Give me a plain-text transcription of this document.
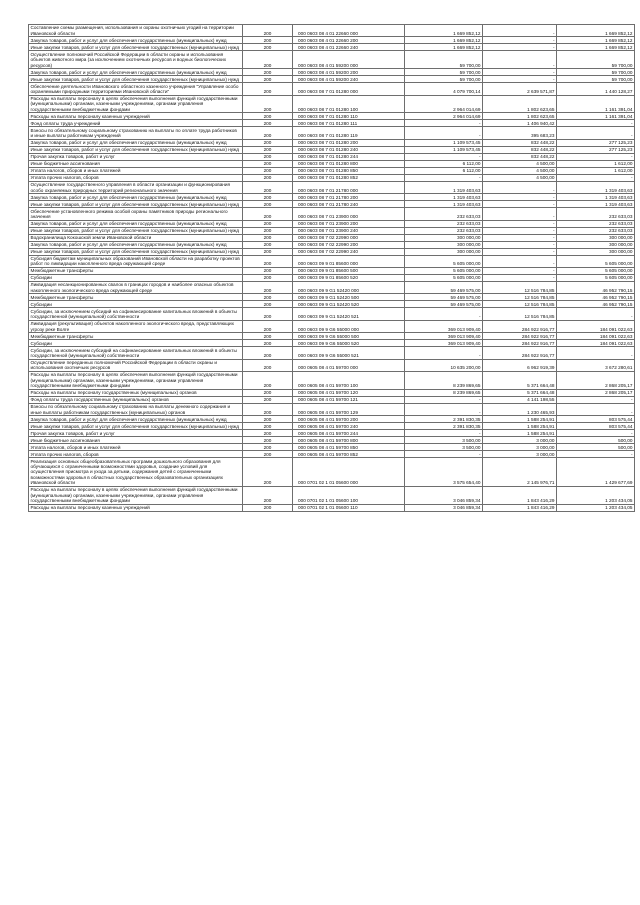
Составление схемы размещения, использования и охраны охотничьих угодий на территории Ивановской области	200	000 0603 08 4 01 22660 000	1 669 852,12	-	1 669 852,12
Закупка товаров, работ и услуг для обеспечения государственных (муниципальных) нужд	200	000 0603 08 4 01 22660 200	1 669 852,12	-	1 669 852,12
Иные закупки товаров, работ и услуг для обеспечения государственных (муниципальных) нужд	200	000 0603 08 4 01 22660 240	1 669 852,12	-	1 669 852,12
Осуществление полномочий Российской Федерации в области охраны и использования объектов животного мира (за исключением охотничьих ресурсов и водных биологических ресурсов)	200	000 0603 08 4 01 59200 000	59 700,00	-	59 700,00
Закупка товаров, работ и услуг для обеспечения государственных (муниципальных) нужд	200	000 0603 08 4 01 59200 200	59 700,00	-	59 700,00
Иные закупки товаров, работ и услуг для обеспечения государственных (муниципальных) нужд	200	000 0603 08 4 01 59200 240	59 700,00	-	59 700,00
Обеспечение деятельности Ивановского областного казенного учреждения "Управление особо охраняемыми природными территориями Ивановской области"	200	000 0603 08 7 01 01280 000	4 079 700,14	2 639 571,87	1 440 128,27
Расходы на выплаты персоналу в целях обеспечения выполнения функций государственными (муниципальными) органами, казенными учреждениями, органами управления государственными внебюджетными фондами	200	000 0603 08 7 01 01280 100	2 964 014,69	1 802 623,65	1 161 391,04
Расходы на выплаты персоналу казенных учреждений	200	000 0603 08 7 01 01280 110	2 964 014,69	1 802 623,65	1 161 391,04
Фонд оплаты труда учреждений	200	000 0603 08 7 01 01280 111	-	1 406 940,42	-
Взносы по обязательному социальному страхованию на выплаты по оплате труда работников и иные выплаты работникам учреждений	200	000 0603 08 7 01 01280 119	-	395 683,23	-
Закупка товаров, работ и услуг для обеспечения государственных (муниципальных) нужд	200	000 0603 08 7 01 01280 200	1 109 573,45	832 448,22	277 125,23
Иные закупки товаров, работ и услуг для обеспечения государственных (муниципальных) нужд	200	000 0603 08 7 01 01280 240	1 109 573,45	832 448,22	277 125,23
Прочая закупка товаров, работ и услуг	200	000 0603 08 7 01 01280 244	-	832 448,22	-
Иные бюджетные ассигнования	200	000 0603 08 7 01 01280 800	6 112,00	4 500,00	1 612,00
Уплата налогов, сборов и иных платежей	200	000 0603 08 7 01 01280 850	6 112,00	4 500,00	1 612,00
Уплата прочих налогов, сборов	200	000 0603 08 7 01 01280 852	-	4 500,00	-
Осуществление государственного управления в области организации и функционирования особо охраняемых природных территорий регионального значения	200	000 0603 08 7 01 21780 000	1 319 403,63	-	1 319 403,63
Закупка товаров, работ и услуг для обеспечения государственных (муниципальных) нужд	200	000 0603 08 7 01 21780 200	1 319 403,63	-	1 319 403,63
Иные закупки товаров, работ и услуг для обеспечения государственных (муниципальных) нужд	200	000 0603 08 7 01 21780 240	1 319 403,63	-	1 319 403,63
Обеспечение установленного режима особой охраны памятников природы регионального значения	200	000 0603 08 7 01 23900 000	232 633,03	-	232 633,03
Закупка товаров, работ и услуг для обеспечения государственных (муниципальных) нужд	200	000 0603 08 7 01 23900 200	232 633,03	-	232 633,03
Иные закупки товаров, работ и услуг для обеспечения государственных (муниципальных) нужд	200	000 0603 08 7 01 23900 240	232 633,03	-	232 633,03
Водохранилища Кокошской земли Ивановской области	200	000 0603 08 7 02 22990 000	300 000,00	-	300 000,00
Закупка товаров, работ и услуг для обеспечения государственных (муниципальных) нужд	200	000 0603 08 7 02 22990 200	300 000,00	-	300 000,00
Иные закупки товаров, работ и услуг для обеспечения государственных (муниципальных) нужд	200	000 0603 08 7 02 22990 240	300 000,00	-	300 000,00
Субсидия бюджетам муниципальных образований Ивановской области на разработку проектов работ по ликвидации накопленного вреда окружающей среде	200	000 0603 09 9 01 85600 000	5 605 000,00	-	5 605 000,00
Межбюджетные трансферты	200	000 0603 09 9 01 85600 500	5 605 000,00	-	5 605 000,00
Субсидии	200	000 0603 09 9 01 85600 520	5 605 000,00	-	5 605 000,00
Ликвидация несанкционированных свалок в границах городов и наиболее опасных объектов накопленного экологического вреда окружающей среде	200	000 0603 09 9 G1 52420 000	59 469 575,00	12 516 784,85	46 952 790,15
Межбюджетные трансферты	200	000 0603 09 9 G1 52420 500	59 469 575,00	12 516 784,85	46 952 790,15
Субсидии	200	000 0603 09 9 G1 52420 520	59 469 575,00	12 516 784,85	46 952 790,15
Субсидии, за исключением субсидий на софинансирование капитальных вложений в объекты государственной (муниципальной) собственности	200	000 0603 09 9 G1 52420 521	-	12 516 784,85	-
Ликвидация (рекультивация) объектов накопленного экологического вреда, представляющих угрозу реке Волге	200	000 0603 09 9 G6 55000 000	369 013 909,40	284 922 916,77	184 091 022,63
Межбюджетные трансферты	200	000 0603 09 9 G6 55000 500	369 013 909,40	284 922 916,77	184 091 022,63
Субсидии	200	000 0603 09 9 G6 55000 520	369 013 909,40	284 922 916,77	184 091 022,63
Субсидии, за исключением субсидий на софинансирование капитальных вложений в объекты государственной (муниципальной) собственности	200	000 0603 09 9 G6 55000 521	-	284 922 916,77	-
Осуществление переданных полномочий Российской Федерации в области охраны и использования охотничьих ресурсов	200	000 0605 08 4 01 59700 000	10 635 200,00	6 962 919,39	3 672 280,61
Расходы на выплаты персоналу в целях обеспечения выполнения функций государственными (муниципальными) органами, казенными учреждениями, органами управления государственными внебюджетными фондами	200	000 0605 08 4 01 59700 100	8 239 869,65	5 371 664,48	2 868 205,17
Расходы на выплаты персоналу государственных (муниципальных) органов	200	000 0605 08 4 01 59700 120	8 239 869,65	5 371 664,48	2 868 205,17
Фонд оплаты труда государственных (муниципальных) органов	200	000 0605 08 4 01 59700 121	-	4 141 198,55	-
Взносы по обязательному социальному страхованию на выплаты денежного содержания и иные выплаты работникам государственных (муниципальных) органов	200	000 0605 08 4 01 59700 129	-	1 230 465,93	-
Закупка товаров, работ и услуг для обеспечения государственных (муниципальных) нужд	200	000 0605 08 4 01 59700 200	2 391 830,35	1 588 254,91	803 575,44
Иные закупки товаров, работ и услуг для обеспечения государственных (муниципальных) нужд	200	000 0605 08 4 01 59700 240	2 391 830,35	1 588 254,91	803 575,44
Прочая закупка товаров, работ и услуг	200	000 0605 08 4 01 59700 244	-	1 588 254,91	-
Иные бюджетные ассигнования	200	000 0605 08 4 01 59700 800	3 500,00	3 000,00	500,00
Уплата налогов, сборов и иных платежей	200	000 0605 08 4 01 59700 850	3 500,00	3 000,00	500,00
Уплата прочих налогов, сборов	200	000 0605 08 4 01 59700 852	-	3 000,00	-
Реализация основных общеобразовательных программ дошкольного образования для обучающихся с ограниченными возможностями здоровья, создание условий для осуществления присмотра и ухода за детьми, содержания детей с ограниченными возможностями здоровья в областных государственных образовательных организациях Ивановской области	200	000 0701 02 1 01 05600 000	3 575 654,40	2 145 976,71	1 429 677,69
Расходы на выплаты персоналу в целях обеспечения выполнения функций государственными (муниципальными) органами, казенными учреждениями, органами управления государственными внебюджетными фондами	200	000 0701 02 1 01 05600 100	3 046 859,34	1 843 416,29	1 203 434,05
Расходы на выплаты персоналу казенных учреждений	200	000 0701 02 1 01 05600 110	3 046 859,34	1 843 416,29	1 203 434,05
